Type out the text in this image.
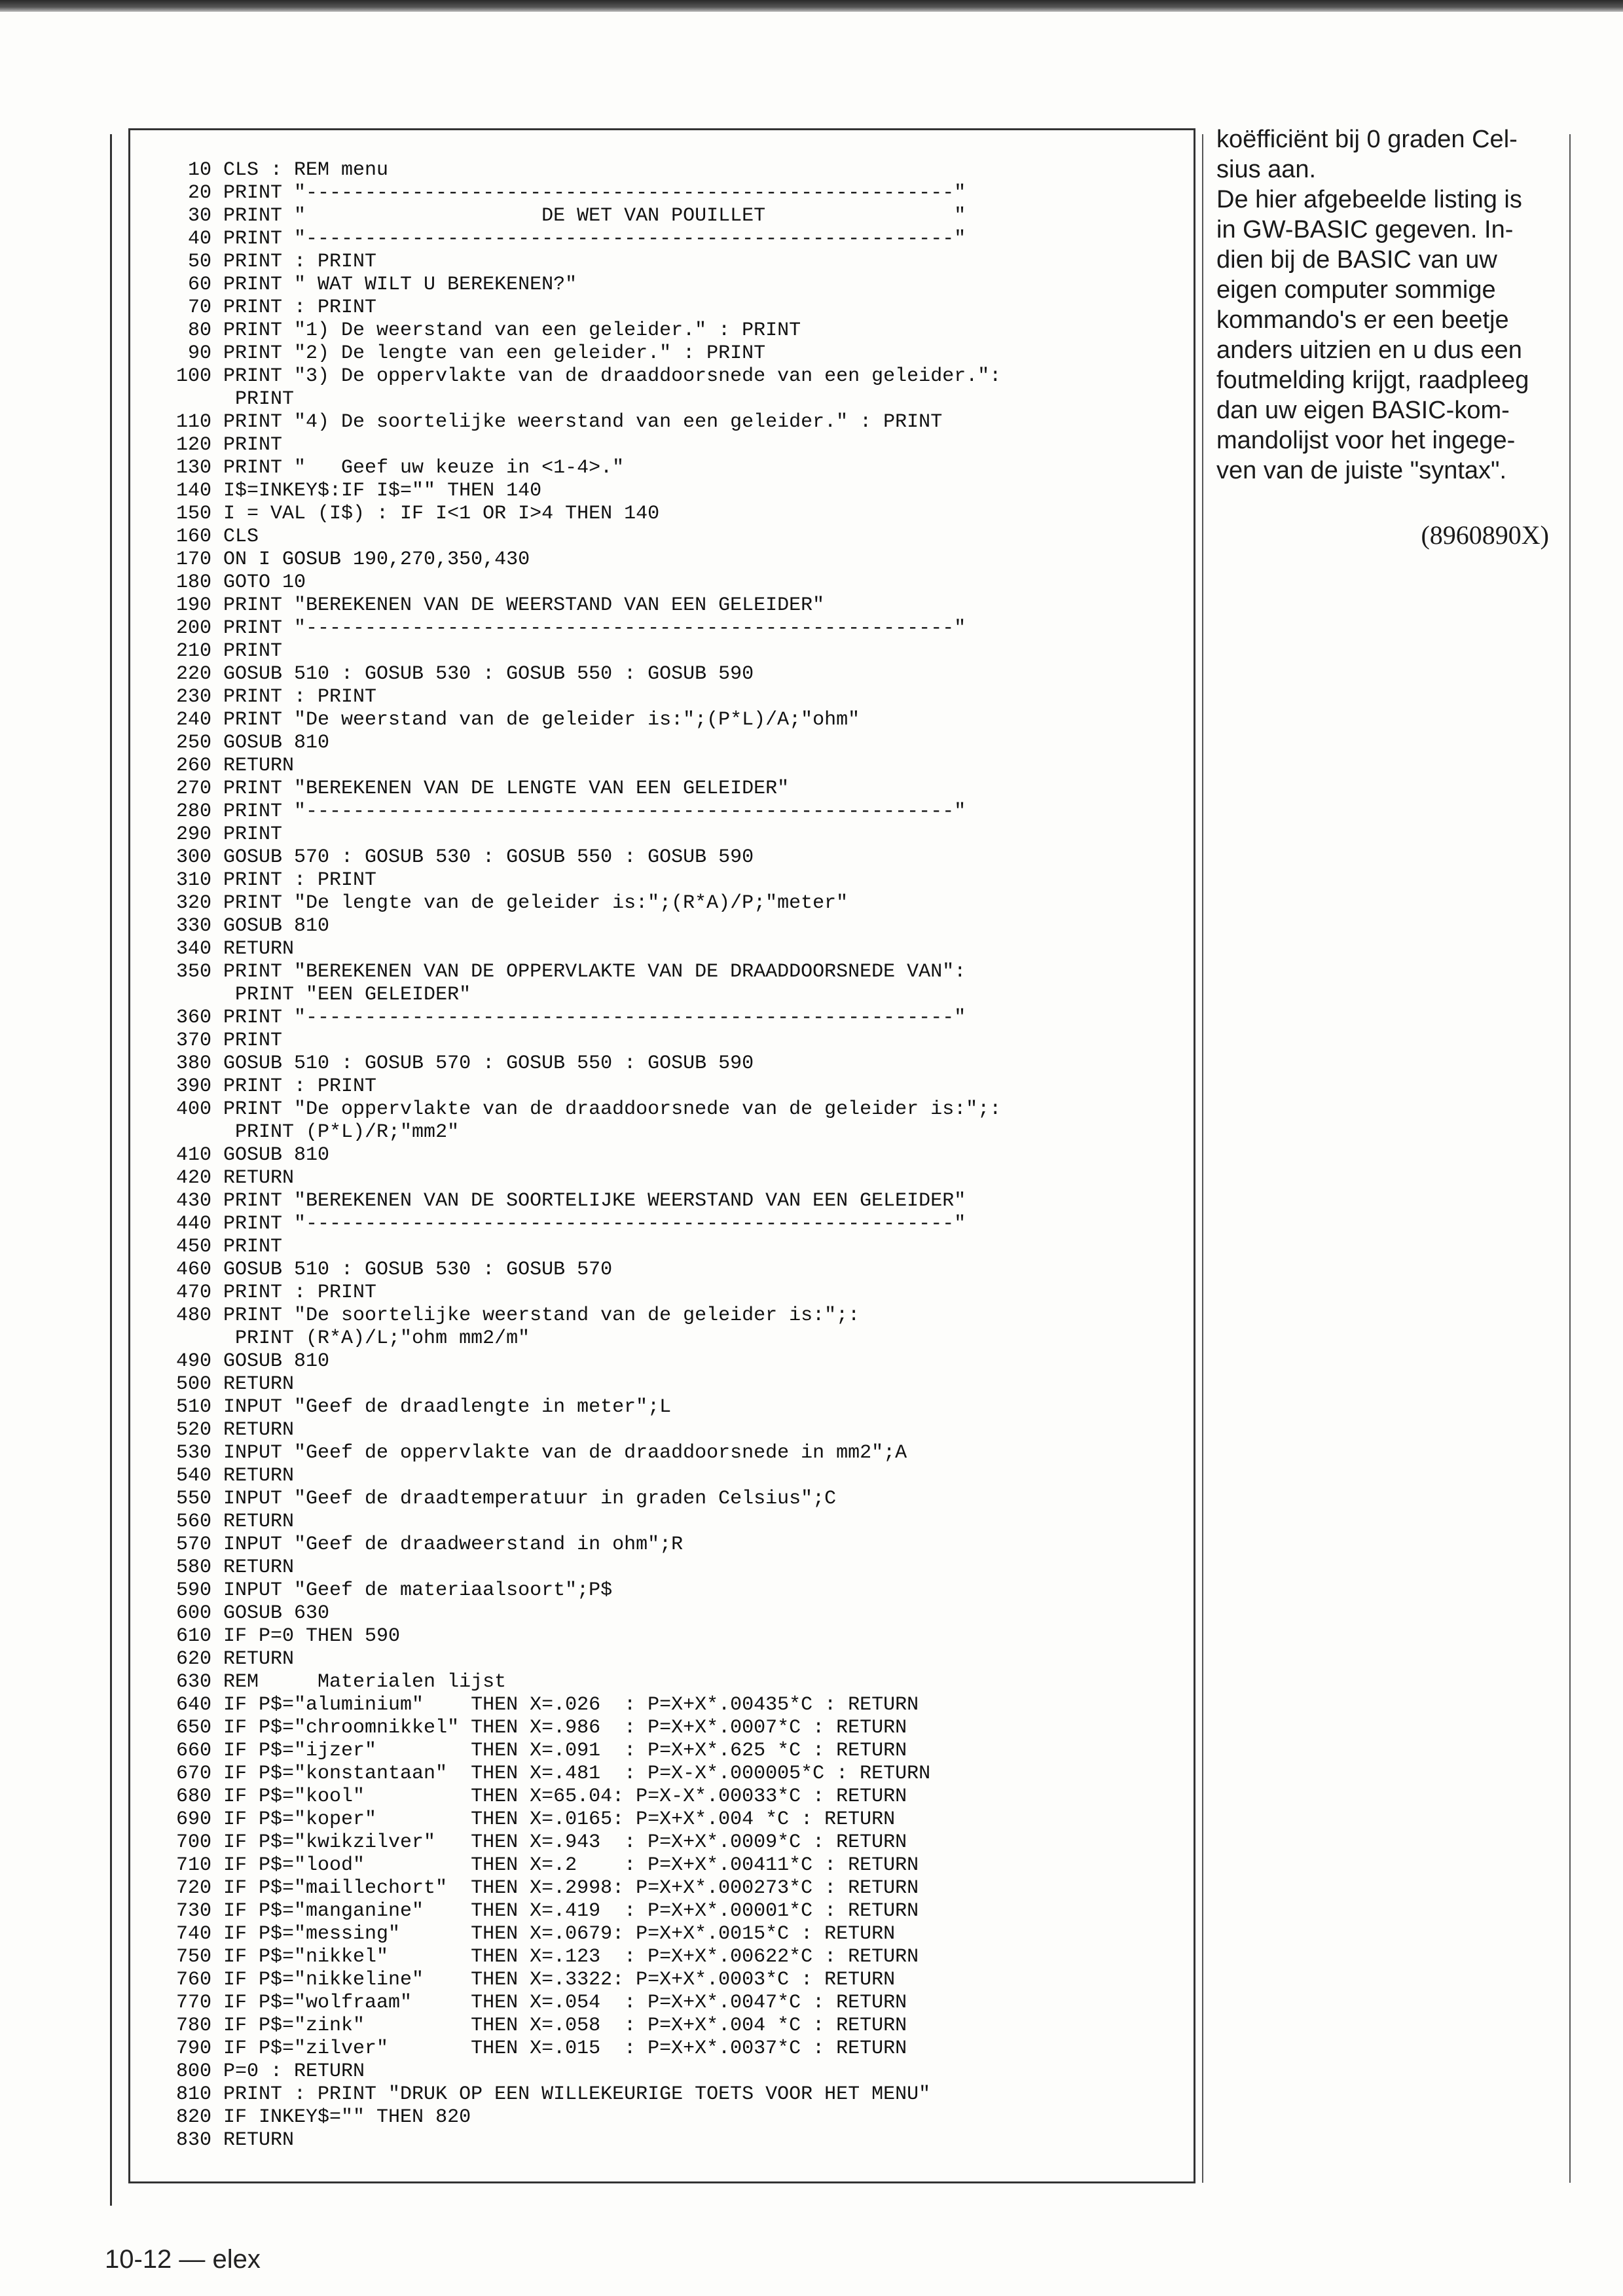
10 CLS : REM menu
20 PRINT "-------------------------------------------------------"
30 PRINT "                    DE WET VAN POUILLET                "
40 PRINT "-------------------------------------------------------"
50 PRINT : PRINT
60 PRINT " WAT WILT U BEREKENEN?"
70 PRINT : PRINT
80 PRINT "1) De weerstand van een geleider." : PRINT
90 PRINT "2) De lengte van een geleider." : PRINT
100 PRINT "3) De oppervlakte van de draaddoorsnede van een geleider.":
PRINT
110 PRINT "4) De soortelijke weerstand van een geleider." : PRINT
120 PRINT
130 PRINT "   Geef uw keuze in <1-4>."
140 I$=INKEY$:IF I$="" THEN 140
150 I = VAL (I$) : IF I<1 OR I>4 THEN 140
160 CLS
170 ON I GOSUB 190,270,350,430
180 GOTO 10
190 PRINT "BEREKENEN VAN DE WEERSTAND VAN EEN GELEIDER"
200 PRINT "-------------------------------------------------------"
210 PRINT
220 GOSUB 510 : GOSUB 530 : GOSUB 550 : GOSUB 590
230 PRINT : PRINT
240 PRINT "De weerstand van de geleider is:";(P*L)/A;"ohm"
250 GOSUB 810
260 RETURN
270 PRINT "BEREKENEN VAN DE LENGTE VAN EEN GELEIDER"
280 PRINT "-------------------------------------------------------"
290 PRINT
300 GOSUB 570 : GOSUB 530 : GOSUB 550 : GOSUB 590
310 PRINT : PRINT
320 PRINT "De lengte van de geleider is:";(R*A)/P;"meter"
330 GOSUB 810
340 RETURN
350 PRINT "BEREKENEN VAN DE OPPERVLAKTE VAN DE DRAADDOORSNEDE VAN":
PRINT "EEN GELEIDER"
360 PRINT "-------------------------------------------------------"
370 PRINT
380 GOSUB 510 : GOSUB 570 : GOSUB 550 : GOSUB 590
390 PRINT : PRINT
400 PRINT "De oppervlakte van de draaddoorsnede van de geleider is:";:
PRINT (P*L)/R;"mm2"
410 GOSUB 810
420 RETURN
430 PRINT "BEREKENEN VAN DE SOORTELIJKE WEERSTAND VAN EEN GELEIDER"
440 PRINT "-------------------------------------------------------"
450 PRINT
460 GOSUB 510 : GOSUB 530 : GOSUB 570
470 PRINT : PRINT
480 PRINT "De soortelijke weerstand van de geleider is:";:
PRINT (R*A)/L;"ohm mm2/m"
490 GOSUB 810
500 RETURN
510 INPUT "Geef de draadlengte in meter";L
520 RETURN
530 INPUT "Geef de oppervlakte van de draaddoorsnede in mm2";A
540 RETURN
550 INPUT "Geef de draadtemperatuur in graden Celsius";C
560 RETURN
570 INPUT "Geef de draadweerstand in ohm";R
580 RETURN
590 INPUT "Geef de materiaalsoort";P$
600 GOSUB 630
610 IF P=0 THEN 590
620 RETURN
630 REM     Materialen lijst
640 IF P$="aluminium"    THEN X=.026  : P=X+X*.00435*C : RETURN
650 IF P$="chroomnikkel" THEN X=.986  : P=X+X*.0007*C : RETURN
660 IF P$="ijzer"        THEN X=.091  : P=X+X*.625 *C : RETURN
670 IF P$="konstantaan"  THEN X=.481  : P=X-X*.000005*C : RETURN
680 IF P$="kool"         THEN X=65.04: P=X-X*.00033*C : RETURN
690 IF P$="koper"        THEN X=.0165: P=X+X*.004 *C : RETURN
700 IF P$="kwikzilver"   THEN X=.943  : P=X+X*.0009*C : RETURN
710 IF P$="lood"         THEN X=.2    : P=X+X*.00411*C : RETURN
720 IF P$="maillechort"  THEN X=.2998: P=X+X*.000273*C : RETURN
730 IF P$="manganine"    THEN X=.419  : P=X+X*.00001*C : RETURN
740 IF P$="messing"      THEN X=.0679: P=X+X*.0015*C : RETURN
750 IF P$="nikkel"       THEN X=.123  : P=X+X*.00622*C : RETURN
760 IF P$="nikkeline"    THEN X=.3322: P=X+X*.0003*C : RETURN
770 IF P$="wolfraam"     THEN X=.054  : P=X+X*.0047*C : RETURN
780 IF P$="zink"         THEN X=.058  : P=X+X*.004 *C : RETURN
790 IF P$="zilver"       THEN X=.015  : P=X+X*.0037*C : RETURN
800 P=0 : RETURN
810 PRINT : PRINT "DRUK OP EEN WILLEKEURIGE TOETS VOOR HET MENU"
820 IF INKEY$="" THEN 820
830 RETURN

koëfficiënt bij 0 graden Cel-

sius aan.

De hier afgebeelde listing is

in GW-BASIC gegeven. In-

dien bij de BASIC van uw

eigen computer sommige

kommando's er een beetje

anders uitzien en u dus een

foutmelding krijgt, raadpleeg

dan uw eigen BASIC-kom-

mandolijst voor het ingege-

ven van de juiste "syntax".

(8960890X)
10-12 — elex
